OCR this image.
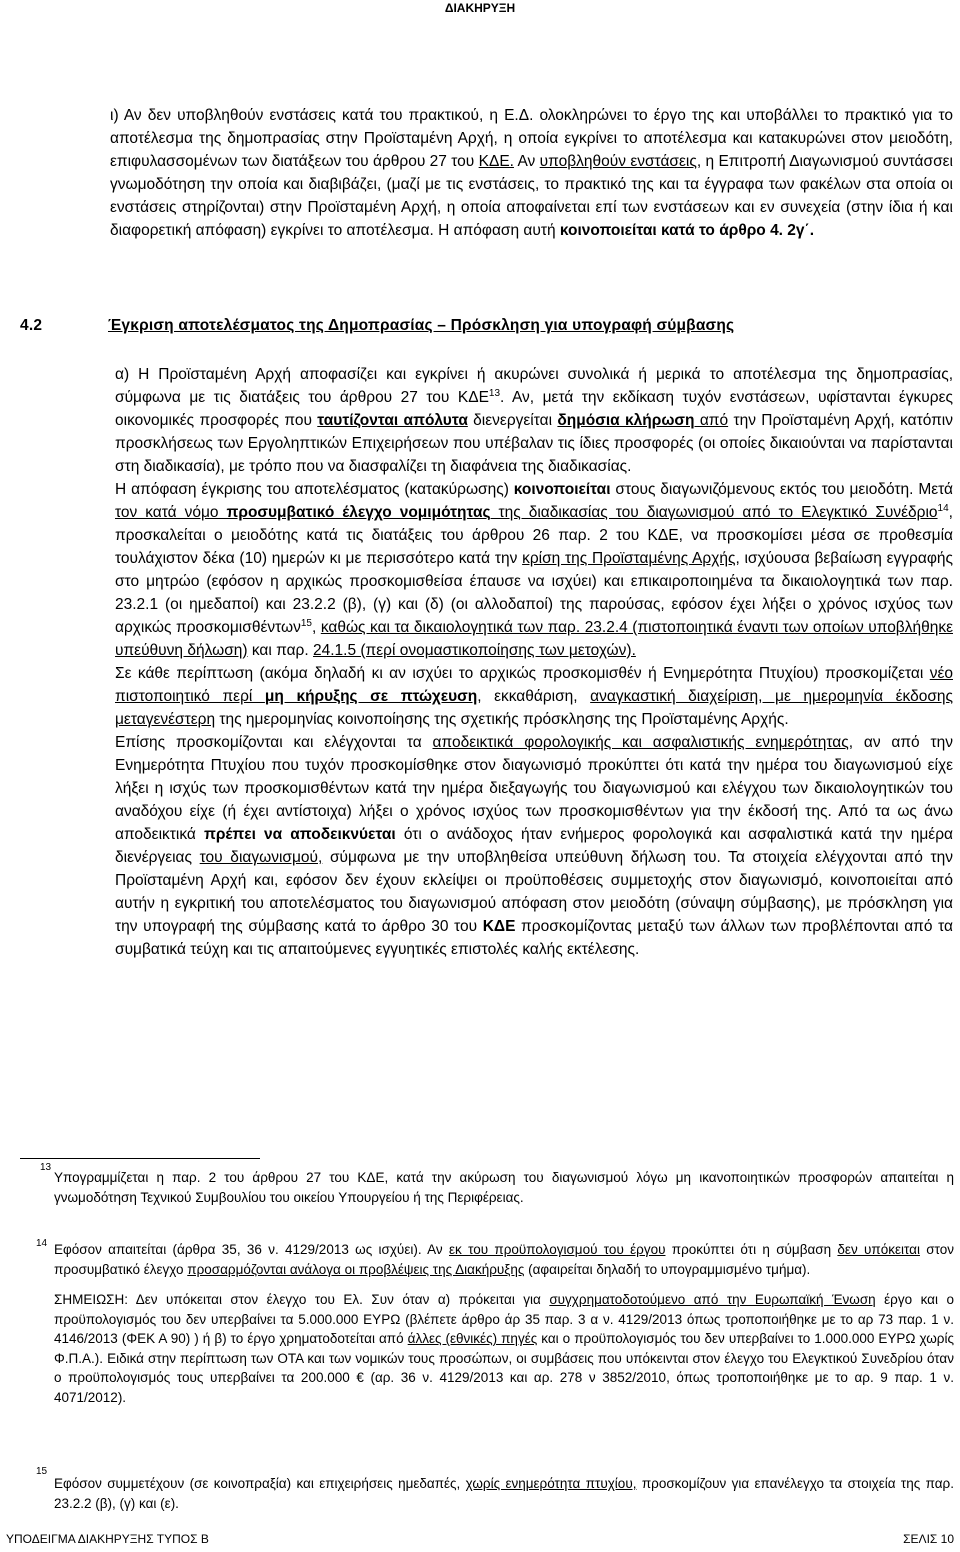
ΔΙΑΚΗΡΥΞΗ

ι) Αν δεν υποβληθούν ενστάσεις κατά του πρακτικού, η Ε.Δ. ολοκληρώνει το έργο της και υποβάλλει το πρακτικό για το αποτέλεσμα της δημοπρασίας στην Προϊσταμένη Αρχή, η οποία εγκρίνει το αποτέλεσμα και κατακυρώνει στον μειοδότη, επιφυλασσομένων των διατάξεων του άρθρου 27 του ΚΔΕ. Αν υποβληθούν ενστάσεις, η Επιτροπή Διαγωνισμού συντάσσει γνωμοδότηση την οποία και διαβιβάζει, (μαζί με τις ενστάσεις, το πρακτικό της και τα έγγραφα των φακέλων στα οποία οι ενστάσεις στηρίζονται) στην Προϊσταμένη Αρχή, η οποία αποφαίνεται επί των ενστάσεων και εν συνεχεία (στην ίδια ή και διαφορετική απόφαση) εγκρίνει το αποτέλεσμα. Η απόφαση αυτή κοινοποιείται κατά το άρθρο 4. 2γ΄.

4.2	Έγκριση αποτελέσματος της Δημοπρασίας – Πρόσκληση για υπογραφή σύμβασης

α) Η Προϊσταμένη Αρχή αποφασίζει και εγκρίνει ή ακυρώνει συνολικά ή μερικά το αποτέλεσμα της δημοπρασίας, σύμφωνα με τις διατάξεις του άρθρου 27 του ΚΔΕ$^{13}$. Αν, μετά την εκδίκαση τυχόν ενστάσεων, υφίστανται έγκυρες οικονομικές προσφορές που ταυτίζονται απόλυτα διενεργείται δημόσια κλήρωση από την Προϊσταμένη Αρχή, κατόπιν προσκλήσεως των Εργοληπτικών Επιχειρήσεων που υπέβαλαν τις ίδιες προσφορές (οι οποίες δικαιούνται να παρίστανται στη διαδικασία), με τρόπο που να διασφαλίζει τη διαφάνεια της διαδικασίας.

Η απόφαση έγκρισης του αποτελέσματος (κατακύρωσης) κοινοποιείται στους διαγωνιζόμενους εκτός του μειοδότη. Μετά τον κατά νόμο προσυμβατικό έλεγχο νομιμότητας της διαδικασίας του διαγωνισμού από το Ελεγκτικό Συνέδριο$^{14}$, προσκαλείται ο μειοδότης κατά τις διατάξεις του άρθρου 26 παρ. 2 του ΚΔΕ, να προσκομίσει μέσα σε προθεσμία τουλάχιστον δέκα (10) ημερών κι με περισσότερο κατά την κρίση της Προϊσταμένης Αρχής, ισχύουσα βεβαίωση εγγραφής στο μητρώο (εφόσον η αρχικώς προσκομισθείσα έπαυσε να ισχύει) και επικαιροποιημένα τα δικαιολογητικά των παρ. 23.2.1 (οι ημεδαποί) και 23.2.2 (β), (γ) και (δ) (οι αλλοδαποί) της παρούσας, εφόσον έχει λήξει ο χρόνος ισχύος των αρχικώς προσκομισθέντων$^{15}$, καθώς και τα δικαιολογητικά των παρ. 23.2.4 (πιστοποιητικά έναντι των οποίων υποβλήθηκε υπεύθυνη δήλωση) και παρ. 24.1.5 (περί ονομαστικοποίησης των μετοχών).

Σε κάθε περίπτωση (ακόμα δηλαδή κι αν ισχύει το αρχικώς προσκομισθέν ή Ενημερότητα Πτυχίου) προσκομίζεται νέο πιστοποιητικό περί μη κήρυξης σε πτώχευση, εκκαθάριση, αναγκαστική διαχείριση, με ημερομηνία έκδοσης μεταγενέστερη της ημερομηνίας κοινοποίησης της σχετικής πρόσκλησης της Προϊσταμένης Αρχής.

Επίσης προσκομίζονται και ελέγχονται τα αποδεικτικά φορολογικής και ασφαλιστικής ενημερότητας, αν από την Ενημερότητα Πτυχίου που τυχόν προσκομίσθηκε στον διαγωνισμό προκύπτει ότι κατά την ημέρα του διαγωνισμού είχε λήξει η ισχύς των προσκομισθέντων κατά την ημέρα διεξαγωγής του διαγωνισμού και ελέγχου των δικαιολογητικών του αναδόχου είχε (ή έχει αντίστοιχα) λήξει ο χρόνος ισχύος των προσκομισθέντων για την έκδοσή της. Από τα ως άνω αποδεικτικά πρέπει να αποδεικνύεται ότι ο ανάδοχος ήταν ενήμερος φορολογικά και ασφαλιστικά κατά την ημέρα διενέργειας του διαγωνισμού, σύμφωνα με την υποβληθείσα υπεύθυνη δήλωση του. Τα στοιχεία ελέγχονται από την Προϊσταμένη Αρχή και, εφόσον δεν έχουν εκλείψει οι προϋποθέσεις συμμετοχής στον διαγωνισμό, κοινοποιείται από αυτήν η εγκριτική του αποτελέσματος του διαγωνισμού απόφαση στον μειοδότη (σύναψη σύμβασης), με πρόσκληση για την υπογραφή της σύμβασης κατά το άρθρο 30 του ΚΔΕ προσκομίζοντας μεταξύ των άλλων των προβλέπονται από τα συμβατικά τεύχη και τις απαιτούμενες εγγυητικές επιστολές καλής εκτέλεσης.

13
Υπογραμμίζεται η παρ. 2 του άρθρου 27 του ΚΔΕ, κατά την ακύρωση του διαγωνισμού λόγω μη ικανοποιητικών προσφορών απαιτείται η γνωμοδότηση Τεχνικού Συμβουλίου του οικείου Υπουργείου ή της Περιφέρειας.
14 Εφόσον απαιτείται (άρθρα 35, 36 ν. 4129/2013 ως ισχύει). Αν εκ του προϋπολογισμού του έργου προκύπτει ότι η σύμβαση δεν υπόκειται στον προσυμβατικό έλεγχο προσαρμόζονται ανάλογα οι προβλέψεις της Διακήρυξης (αφαιρείται δηλαδή το υπογραμμισμένο τμήμα).
ΣΗΜΕΙΩΣΗ: Δεν υπόκειται στον έλεγχο του Ελ. Συν όταν α) πρόκειται για συγχρηματοδοτούμενο από την Ευρωπαϊκή Ένωση έργο και ο προϋπολογισμός του δεν υπερβαίνει τα 5.000.000 ΕΥΡΩ (βλέπετε άρθρο άρ 35 παρ. 3 α ν. 4129/2013 όπως τροποποιήθηκε με το αρ 73 παρ. 1 ν. 4146/2013 (ΦΕΚ Α 90) ) ή β) το έργο χρηματοδοτείται από άλλες (εθνικές) πηγές και ο προϋπολογισμός του δεν υπερβαίνει το 1.000.000 ΕΥΡΩ χωρίς Φ.Π.Α.). Ειδικά στην περίπτωση των ΟΤΑ και των νομικών τους προσώπων, οι συμβάσεις που υπόκεινται στον έλεγχο του Ελεγκτικού Συνεδρίου όταν ο προϋπολογισμός τους υπερβαίνει τα 200.000 € (αρ. 36 ν. 4129/2013 και αρ. 278 ν 3852/2010, όπως τροποποιήθηκε με το αρ. 9 παρ. 1 ν. 4071/2012).
15
Εφόσον συμμετέχουν (σε κοινοπραξία) και επιχειρήσεις ημεδαπές, χωρίς ενημερότητα πτυχίου, προσκομίζουν για επανέλεγχο τα στοιχεία της παρ. 23.2.2 (β), (γ) και (ε).
ΥΠΟΔΕΙΓΜΑ ΔΙΑΚΗΡΥΞΗΣ ΤΥΠΟΣ Β	ΣΕΛΙΣ 10
